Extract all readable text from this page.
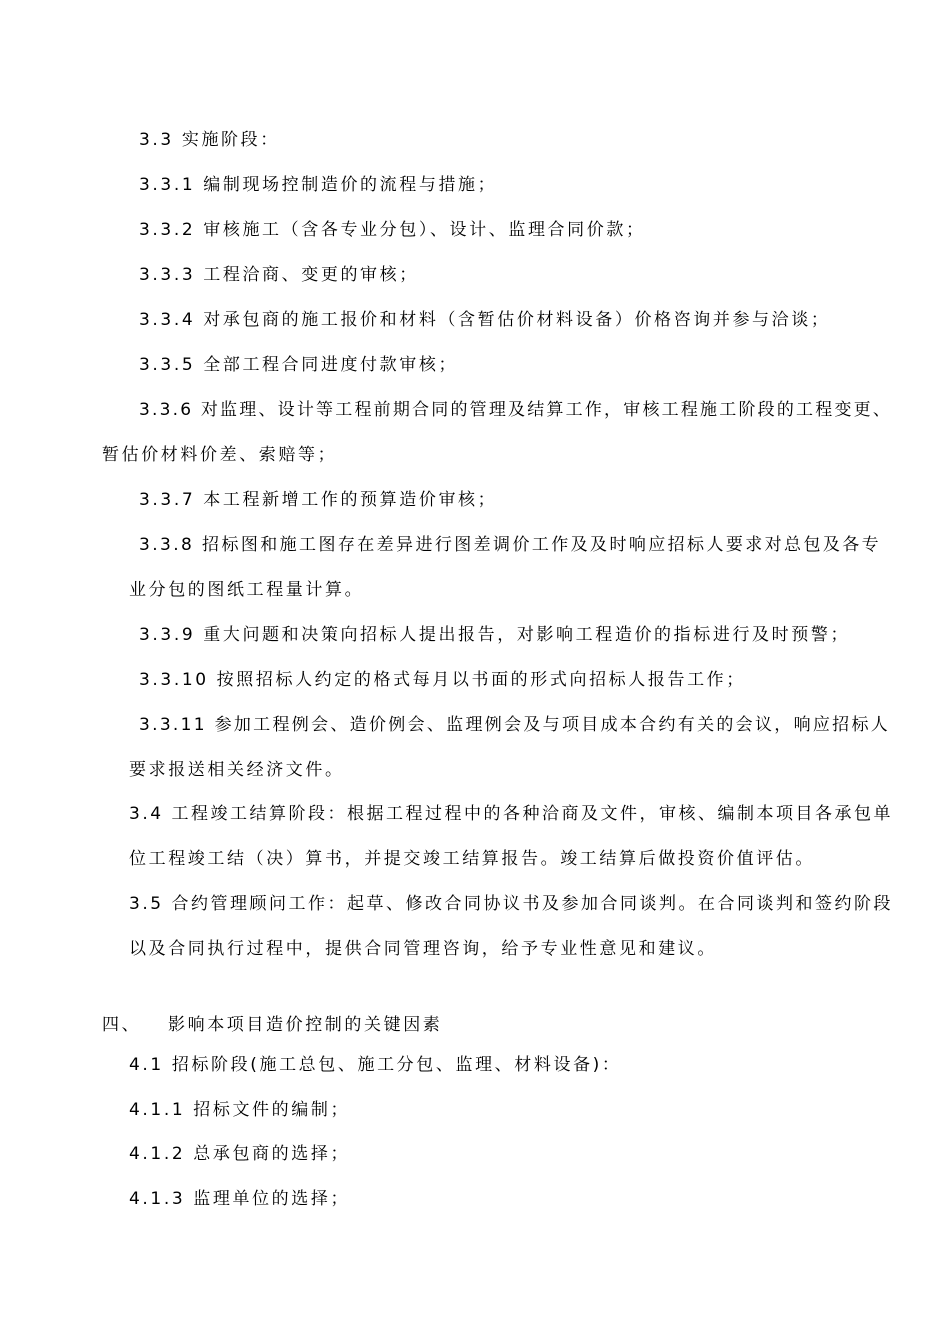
3.3 实施阶段：
3.3.1 编制现场控制造价的流程与措施；
3.3.2 审核施工（含各专业分包）、设计、监理合同价款；
3.3.3 工程洽商、变更的审核；
3.3.4 对承包商的施工报价和材料（含暂估价材料设备）价格咨询并参与洽谈；
3.3.5 全部工程合同进度付款审核；
3.3.6 对监理、设计等工程前期合同的管理及结算工作，审核工程施工阶段的工程变更、
暂估价材料价差、索赔等；
3.3.7 本工程新增工作的预算造价审核；
3.3.8 招标图和施工图存在差异进行图差调价工作及及时响应招标人要求对总包及各专
业分包的图纸工程量计算。
3.3.9 重大问题和决策向招标人提出报告，对影响工程造价的指标进行及时预警；
3.3.10 按照招标人约定的格式每月以书面的形式向招标人报告工作；
3.3.11 参加工程例会、造价例会、监理例会及与项目成本合约有关的会议，响应招标人
要求报送相关经济文件。
3.4 工程竣工结算阶段：根据工程过程中的各种洽商及文件，审核、编制本项目各承包单
位工程竣工结（决）算书，并提交竣工结算报告。竣工结算后做投资价值评估。
3.5 合约管理顾问工作：起草、修改合同协议书及参加合同谈判。在合同谈判和签约阶段
以及合同执行过程中，提供合同管理咨询，给予专业性意见和建议。
四、 影响本项目造价控制的关键因素
4.1 招标阶段(施工总包、施工分包、监理、材料设备)：
4.1.1 招标文件的编制；
4.1.2 总承包商的选择；
4.1.3 监理单位的选择；
